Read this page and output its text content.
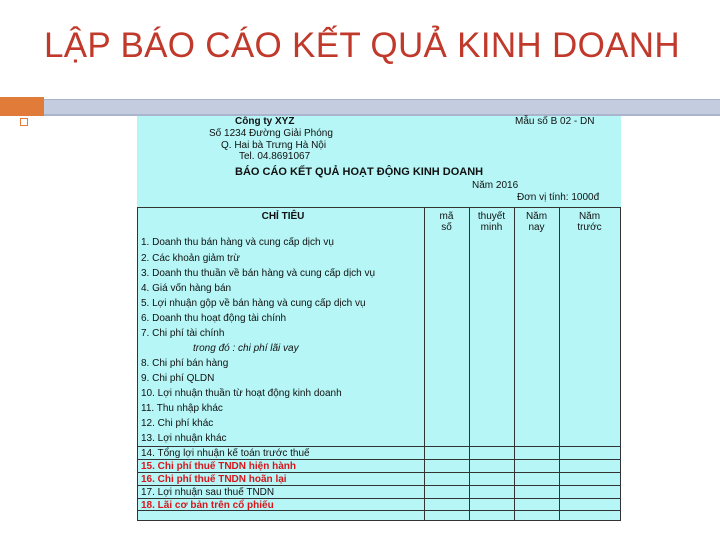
LẬP BÁO CÁO KẾT QUẢ KINH DOANH
Công ty XYZ
Số 1234 Đường Giải Phóng
Q. Hai bà Trưng Hà Nội
Tel. 04.8691067
Mẫu số B 02 - DN
BÁO CÁO KẾT QUẢ HOẠT ĐỘNG KINH DOANH
Năm 2016
Đơn vị tính: 1000đ
CHỈ TIÊU	mã
số
thuyết
minh
Năm
nay
Năm
trước
1. Doanh thu bán hàng và cung cấp dịch vụ
2. Các khoản giảm trừ
3. Doanh thu thuần về bán hàng và cung cấp dịch vụ
4. Giá vốn hàng bán
5. Lợi nhuận gộp về bán hàng và cung cấp dịch vụ
6. Doanh thu hoạt động tài chính
7. Chi phí tài chính
trong đó : chi phí lãi vay
8. Chi phí bán hàng
9. Chi phí QLDN
10. Lợi nhuận thuần từ hoạt động kinh doanh
11. Thu nhập khác
12. Chi phí khác
13. Lợi nhuận khác
14. Tổng lợi nhuận kế toán trước thuế
15. Chi phí thuế TNDN hiện hành
16. Chi phí thuế TNDN hoãn lại
17. Lợi nhuận sau thuế TNDN
18. Lãi cơ bản trên cổ phiếu
